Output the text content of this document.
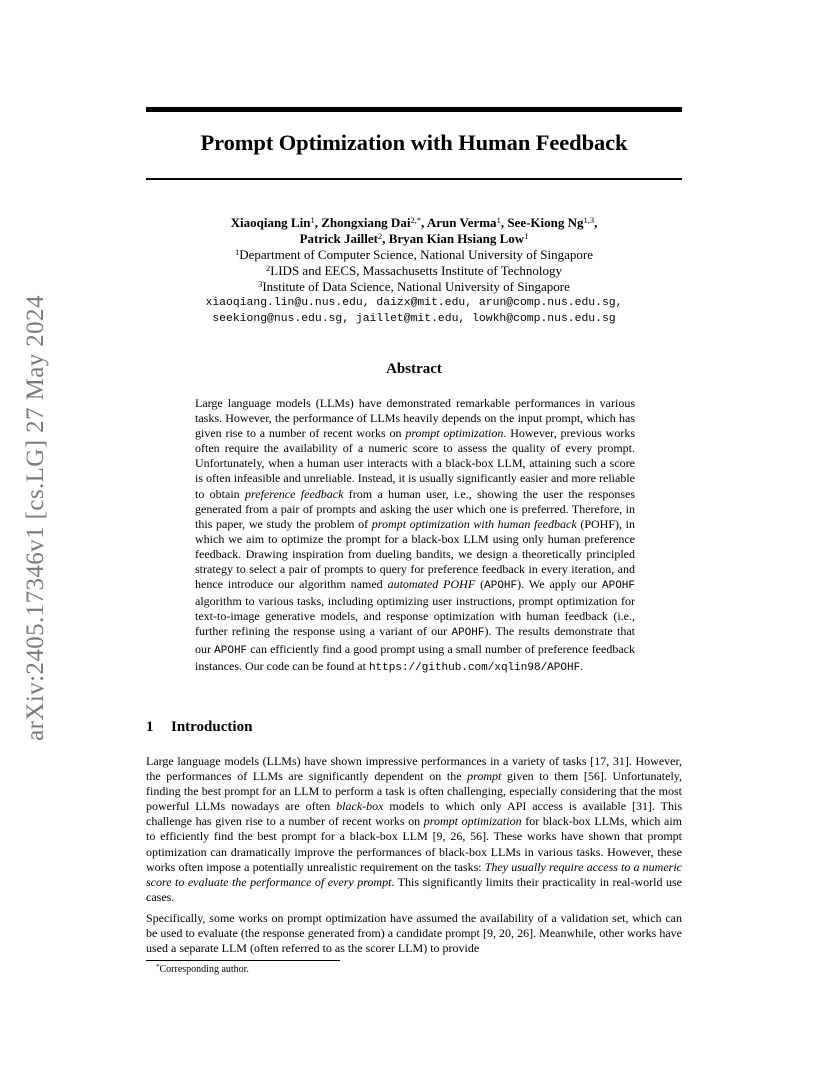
Prompt Optimization with Human Feedback
arXiv:2405.17346v1 [cs.LG] 27 May 2024
Xiaoqiang Lin$^1$, Zhongxiang Dai$^{2,*}$, Arun Verma$^1$, See-Kiong Ng$^{1,3}$,
Patrick Jaillet$^2$, Bryan Kian Hsiang Low$^1$
$^1$Department of Computer Science, National University of Singapore
$^2$LIDS and EECS, Massachusetts Institute of Technology
$^3$Institute of Data Science, National University of Singapore
xiaoqiang.lin@u.nus.edu, daizx@mit.edu, arun@comp.nus.edu.sg,
seekiong@nus.edu.sg, jaillet@mit.edu, lowkh@comp.nus.edu.sg
Abstract
Large language models (LLMs) have demonstrated remarkable performances in various tasks. However, the performance of LLMs heavily depends on the input prompt, which has given rise to a number of recent works on prompt optimization. However, previous works often require the availability of a numeric score to assess the quality of every prompt. Unfortunately, when a human user interacts with a black-box LLM, attaining such a score is often infeasible and unreliable. Instead, it is usually significantly easier and more reliable to obtain preference feedback from a human user, i.e., showing the user the responses generated from a pair of prompts and asking the user which one is preferred. Therefore, in this paper, we study the problem of prompt optimization with human feedback (POHF), in which we aim to optimize the prompt for a black-box LLM using only human preference feedback. Drawing inspiration from dueling bandits, we design a theoretically principled strategy to select a pair of prompts to query for preference feedback in every iteration, and hence introduce our algorithm named automated POHF (APOHF). We apply our APOHF algorithm to various tasks, including optimizing user instructions, prompt optimization for text-to-image generative models, and response optimization with human feedback (i.e., further refining the response using a variant of our APOHF). The results demonstrate that our APOHF can efficiently find a good prompt using a small number of preference feedback instances. Our code can be found at https://github.com/xqlin98/APOHF.
1 Introduction

Large language models (LLMs) have shown impressive performances in a variety of tasks [17, 31]. However, the performances of LLMs are significantly dependent on the prompt given to them [56]. Unfortunately, finding the best prompt for an LLM to perform a task is often challenging, especially considering that the most powerful LLMs nowadays are often black-box models to which only API access is available [31]. This challenge has given rise to a number of recent works on prompt optimization for black-box LLMs, which aim to efficiently find the best prompt for a black-box LLM [9, 26, 56]. These works have shown that prompt optimization can dramatically improve the performances of black-box LLMs in various tasks. However, these works often impose a potentially unrealistic requirement on the tasks: They usually require access to a numeric score to evaluate the performance of every prompt. This significantly limits their practicality in real-world use cases.

Specifically, some works on prompt optimization have assumed the availability of a validation set, which can be used to evaluate (the response generated from) a candidate prompt [9, 20, 26]. Meanwhile, other works have used a separate LLM (often referred to as the scorer LLM) to provide

*Corresponding author.
